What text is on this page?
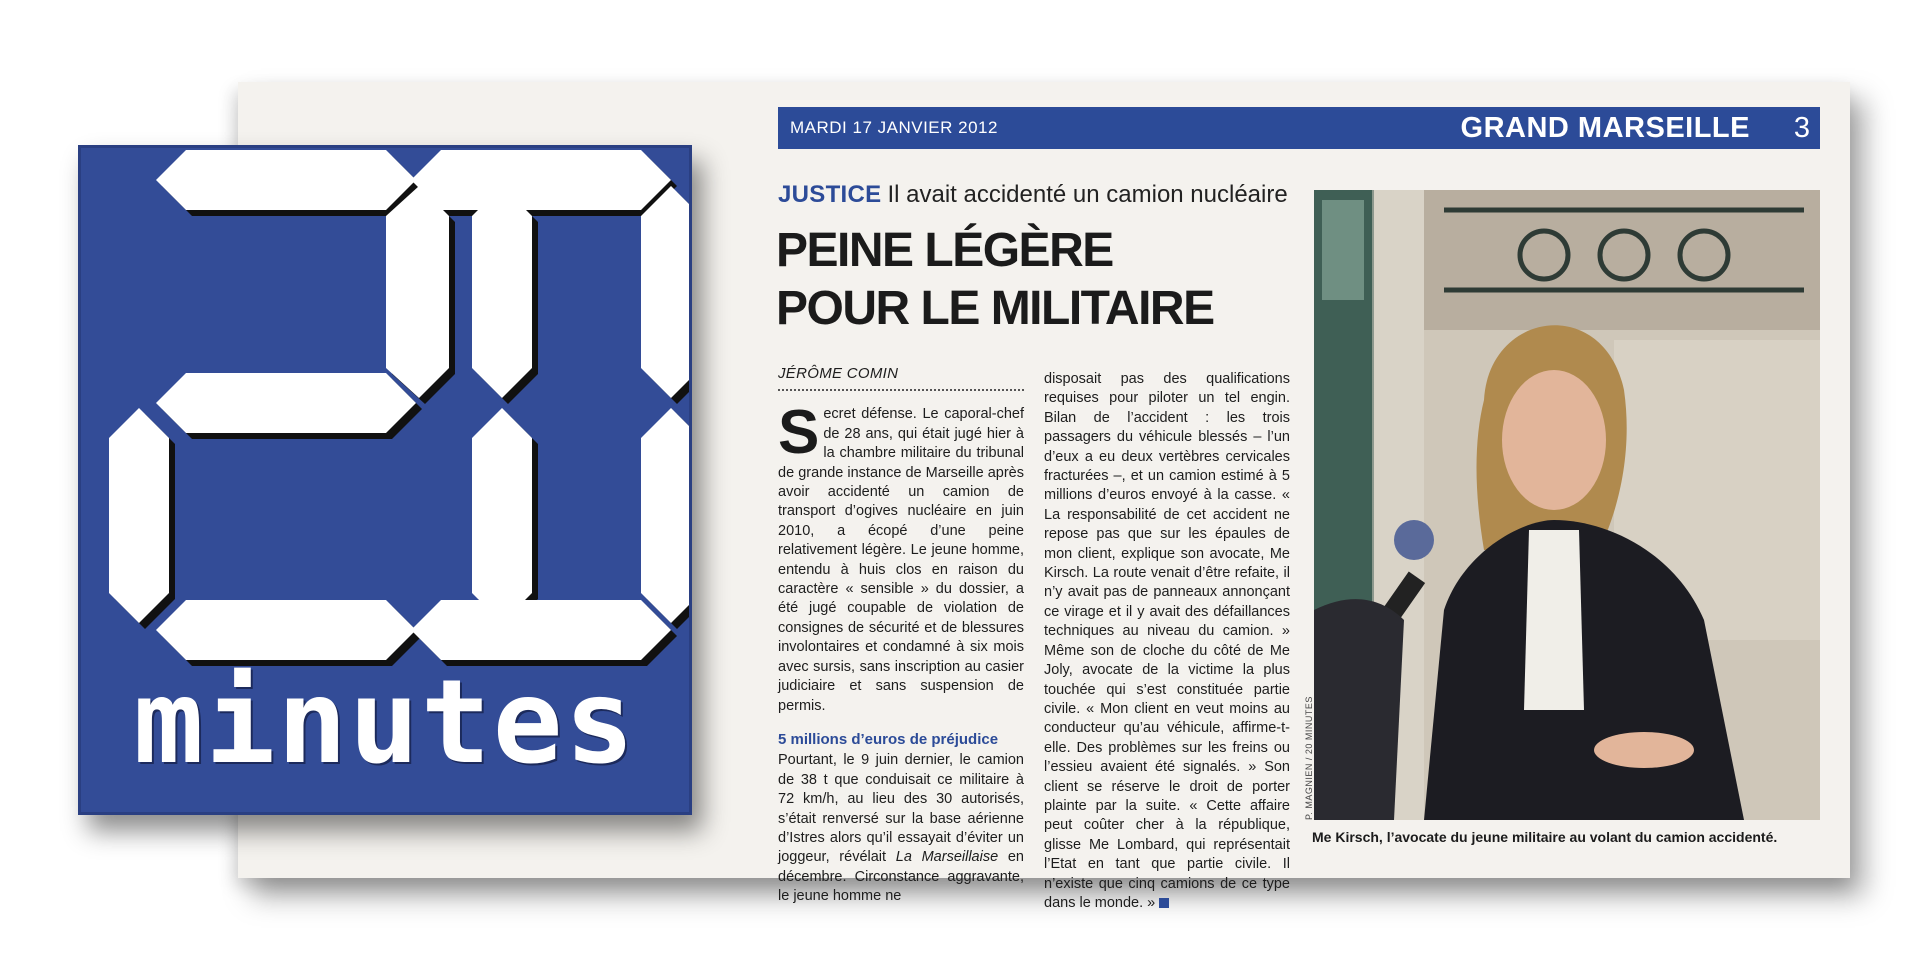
minutes
MARDI 17 JANVIER 2012	GRAND MARSEILLE 3
JUSTICE Il avait accidenté un camion nucléaire
PEINE LÉGÈRE
POUR LE MILITAIRE
JÉRÔME COMIN

Secret défense. Le caporal-chef de 28 ans, qui était jugé hier à la chambre militaire du tribunal de grande instance de Marseille après avoir accidenté un camion de transport d’ogives nucléaire en juin 2010, a écopé d’une peine relativement légère. Le jeune homme, entendu à huis clos en raison du caractère « sensible » du dossier, a été jugé coupable de violation de consignes de sécurité et de blessures involontaires et condamné à six mois avec sursis, sans inscription au casier judiciaire et sans suspension de permis.

5 millions d’euros de préjudice

Pourtant, le 9 juin dernier, le camion de 38 t que conduisait ce militaire à 72 km/h, au lieu des 30 autorisés, s’était renversé sur la base aérienne d’Istres alors qu’il essayait d’éviter un joggeur, révélait La Marseillaise en décembre. Circonstance aggravante, le jeune homme ne

disposait pas des qualifications requises pour piloter un tel engin. Bilan de l’accident : les trois passagers du véhicule blessés – l’un d’eux a eu deux vertèbres cervicales fracturées –, et un camion estimé à 5 millions d’euros envoyé à la casse. « La responsabilité de cet accident ne repose pas que sur les épaules de mon client, explique son avocate, Me Kirsch. La route venait d’être refaite, il n’y avait pas de panneaux annonçant ce virage et il y avait des défaillances techniques au niveau du camion. » Même son de cloche du côté de Me Joly, avocate de la victime la plus touchée qui s’est constituée partie civile. « Mon client en veut moins au conducteur qu’au véhicule, affirme-t-elle. Des problèmes sur les freins ou l’essieu avaient été signalés. » Son client se réserve le droit de porter plainte par la suite. « Cette affaire peut coûter cher à la république, glisse Me Lombard, qui représentait l’Etat en tant que partie civile. Il n’existe que cinq camions de ce type dans le monde. »

P. MAGNIEN / 20 MINUTES
Me Kirsch, l’avocate du jeune militaire au volant du camion accidenté.
